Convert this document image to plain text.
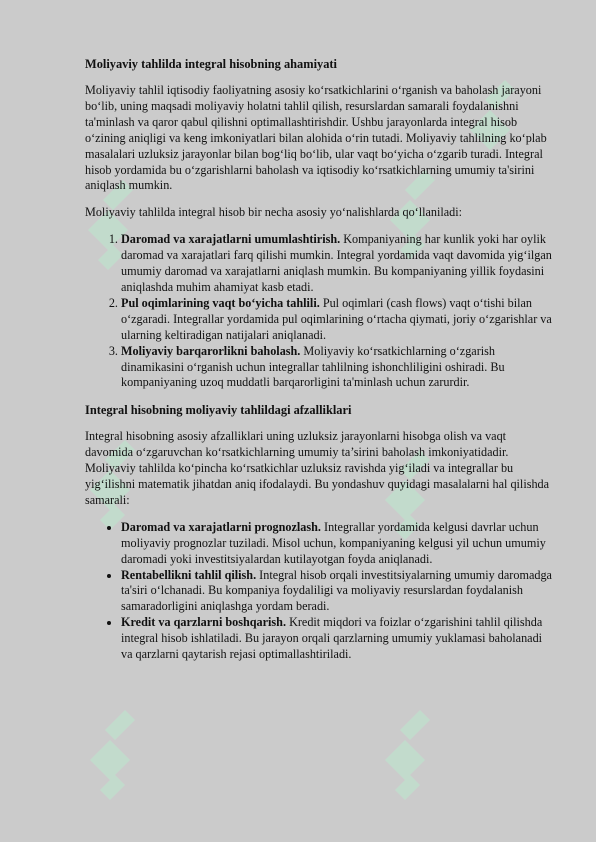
Moliyaviy tahlilda integral hisobning ahamiyati

Moliyaviy tahlil iqtisodiy faoliyatning asosiy ko‘rsatkichlarini o‘rganish va baholash jarayoni bo‘lib, uning maqsadi moliyaviy holatni tahlil qilish, resurslardan samarali foydalanishni ta'minlash va qaror qabul qilishni optimallashtirishdir. Ushbu jarayonlarda integral hisob o‘zining aniqligi va keng imkoniyatlari bilan alohida o‘rin tutadi. Moliyaviy tahlilning ko‘plab masalalari uzluksiz jarayonlar bilan bog‘liq bo‘lib, ular vaqt bo‘yicha o‘zgarib turadi. Integral hisob yordamida bu o‘zgarishlarni baholash va iqtisodiy ko‘rsatkichlarning umumiy ta'sirini aniqlash mumkin.

Moliyaviy tahlilda integral hisob bir necha asosiy yo‘nalishlarda qo‘llaniladi:

1. Daromad va xarajatlarni umumlashtirish. Kompaniyaning har kunlik yoki har oylik daromad va xarajatlari farq qilishi mumkin. Integral yordamida vaqt davomida yig‘ilgan umumiy daromad va xarajatlarni aniqlash mumkin. Bu kompaniyaning yillik foydasini aniqlashda muhim ahamiyat kasb etadi.
2. Pul oqimlarining vaqt bo‘yicha tahlili. Pul oqimlari (cash flows) vaqt o‘tishi bilan o‘zgaradi. Integrallar yordamida pul oqimlarining o‘rtacha qiymati, joriy o‘zgarishlar va ularning keltiradigan natijalari aniqlanadi.
3. Moliyaviy barqarorlikni baholash. Moliyaviy ko‘rsatkichlarning o‘zgarish dinamikasini o‘rganish uchun integrallar tahlilning ishonchliligini oshiradi. Bu kompaniyaning uzoq muddatli barqarorligini ta'minlash uchun zarurdir.
Integral hisobning moliyaviy tahlildagi afzalliklari

Integral hisobning asosiy afzalliklari uning uzluksiz jarayonlarni hisobga olish va vaqt davomida o‘zgaruvchan ko‘rsatkichlarning umumiy ta’sirini baholash imkoniyatidadir. Moliyaviy tahlilda ko‘pincha ko‘rsatkichlar uzluksiz ravishda yig‘iladi va integrallar bu yig‘ilishni matematik jihatdan aniq ifodalaydi. Bu yondashuv quyidagi masalalarni hal qilishda samarali:

• Daromad va xarajatlarni prognozlash. Integrallar yordamida kelgusi davrlar uchun moliyaviy prognozlar tuziladi. Misol uchun, kompaniyaning kelgusi yil uchun umumiy daromadi yoki investitsiyalardan kutilayotgan foyda aniqlanadi.
• Rentabellikni tahlil qilish. Integral hisob orqali investitsiyalarning umumiy daromadga ta'siri o‘lchanadi. Bu kompaniya foydaliligi va moliyaviy resurslardan foydalanish samaradorligini aniqlashga yordam beradi.
• Kredit va qarzlarni boshqarish. Kredit miqdori va foizlar o‘zgarishini tahlil qilishda integral hisob ishlatiladi. Bu jarayon orqali qarzlarning umumiy yuklamasi baholanadi va qarzlarni qaytarish rejasi optimallashtiriladi.
